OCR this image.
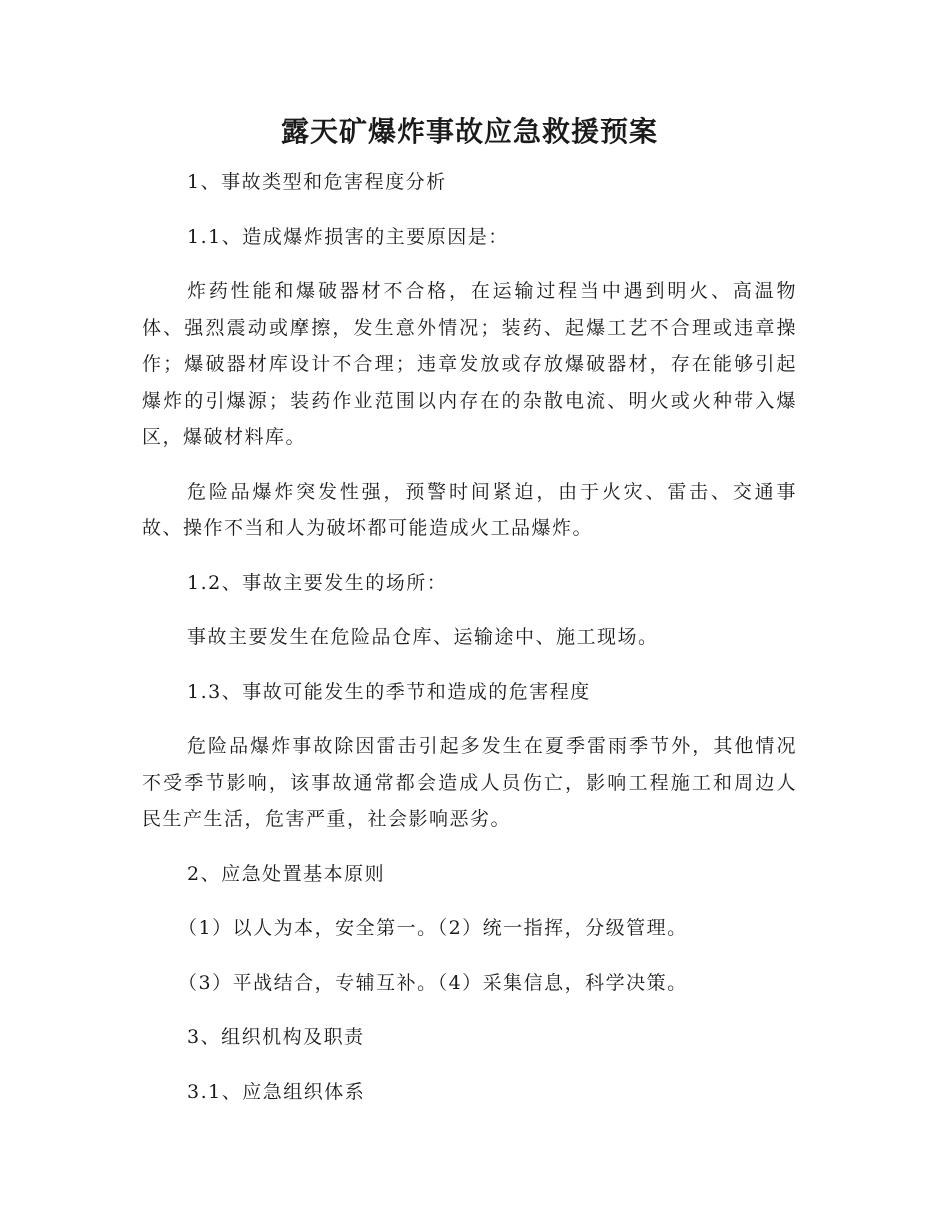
露天矿爆炸事故应急救援预案

1、事故类型和危害程度分析

1.1、造成爆炸损害的主要原因是：

炸药性能和爆破器材不合格，在运输过程当中遇到明火、高温物体、强烈震动或摩擦，发生意外情况；装药、起爆工艺不合理或违章操作；爆破器材库设计不合理；违章发放或存放爆破器材，存在能够引起爆炸的引爆源；装药作业范围以内存在的杂散电流、明火或火种带入爆区，爆破材料库。

危险品爆炸突发性强，预警时间紧迫，由于火灾、雷击、交通事故、操作不当和人为破坏都可能造成火工品爆炸。

1.2、事故主要发生的场所：

事故主要发生在危险品仓库、运输途中、施工现场。

1.3、事故可能发生的季节和造成的危害程度

危险品爆炸事故除因雷击引起多发生在夏季雷雨季节外，其他情况不受季节影响，该事故通常都会造成人员伤亡，影响工程施工和周边人民生产生活，危害严重，社会影响恶劣。

2、应急处置基本原则

（1）以人为本，安全第一。（2）统一指挥，分级管理。

（3）平战结合，专辅互补。（4）采集信息，科学决策。

3、组织机构及职责

3.1、应急组织体系
